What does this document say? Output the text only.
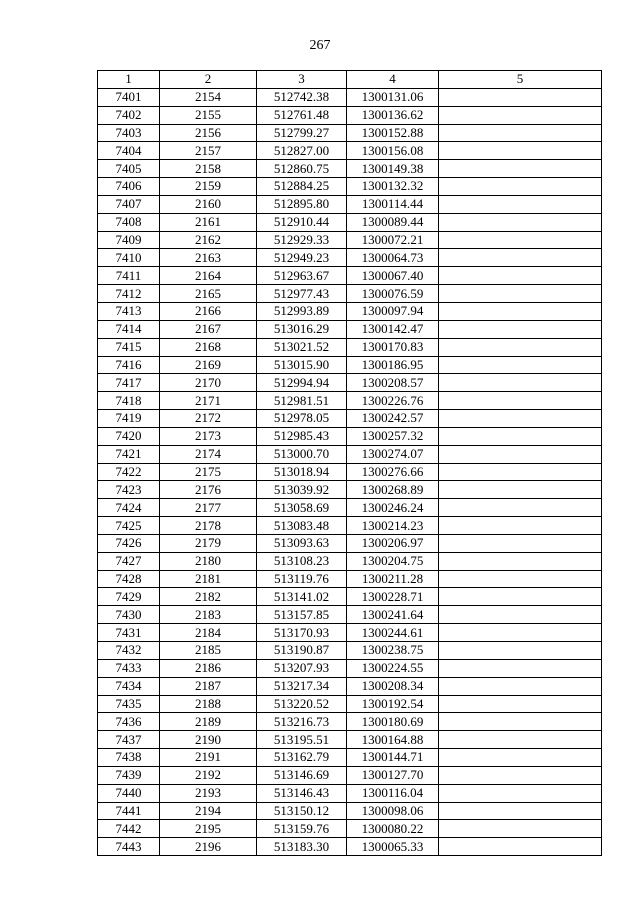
267
1	2	3	4	5
7401	2154	512742.38	1300131.06	
7402	2155	512761.48	1300136.62	
7403	2156	512799.27	1300152.88	
7404	2157	512827.00	1300156.08	
7405	2158	512860.75	1300149.38	
7406	2159	512884.25	1300132.32	
7407	2160	512895.80	1300114.44	
7408	2161	512910.44	1300089.44	
7409	2162	512929.33	1300072.21	
7410	2163	512949.23	1300064.73	
7411	2164	512963.67	1300067.40	
7412	2165	512977.43	1300076.59	
7413	2166	512993.89	1300097.94	
7414	2167	513016.29	1300142.47	
7415	2168	513021.52	1300170.83	
7416	2169	513015.90	1300186.95	
7417	2170	512994.94	1300208.57	
7418	2171	512981.51	1300226.76	
7419	2172	512978.05	1300242.57	
7420	2173	512985.43	1300257.32	
7421	2174	513000.70	1300274.07	
7422	2175	513018.94	1300276.66	
7423	2176	513039.92	1300268.89	
7424	2177	513058.69	1300246.24	
7425	2178	513083.48	1300214.23	
7426	2179	513093.63	1300206.97	
7427	2180	513108.23	1300204.75	
7428	2181	513119.76	1300211.28	
7429	2182	513141.02	1300228.71	
7430	2183	513157.85	1300241.64	
7431	2184	513170.93	1300244.61	
7432	2185	513190.87	1300238.75	
7433	2186	513207.93	1300224.55	
7434	2187	513217.34	1300208.34	
7435	2188	513220.52	1300192.54	
7436	2189	513216.73	1300180.69	
7437	2190	513195.51	1300164.88	
7438	2191	513162.79	1300144.71	
7439	2192	513146.69	1300127.70	
7440	2193	513146.43	1300116.04	
7441	2194	513150.12	1300098.06	
7442	2195	513159.76	1300080.22	
7443	2196	513183.30	1300065.33	
